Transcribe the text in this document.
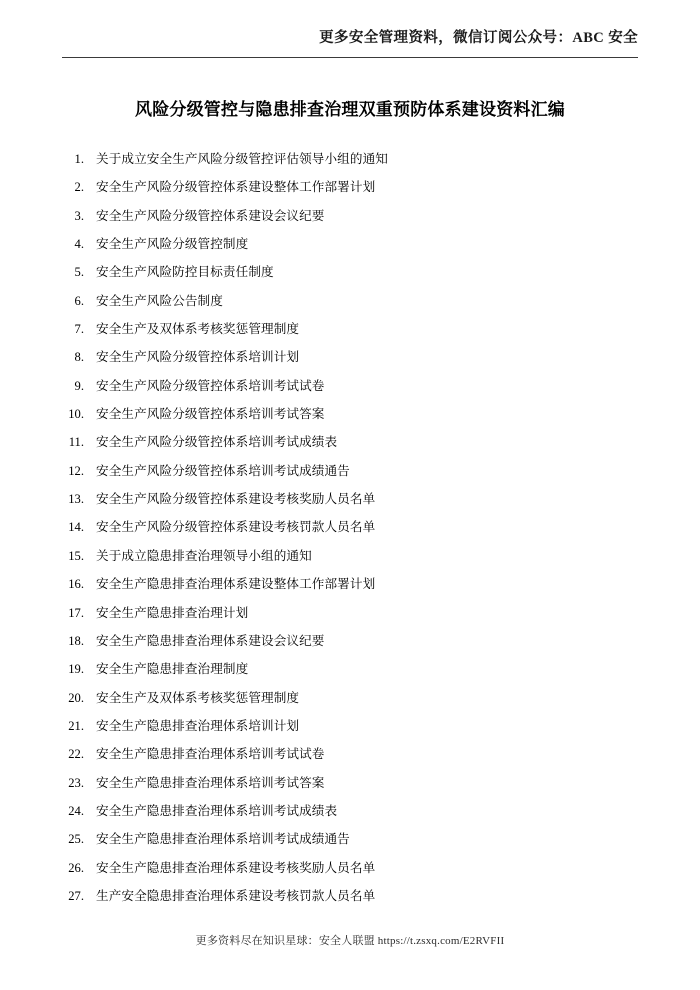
更多安全管理资料，微信订阅公众号：ABC 安全
风险分级管控与隐患排查治理双重预防体系建设资料汇编
1. 关于成立安全生产风险分级管控评估领导小组的通知
2. 安全生产风险分级管控体系建设整体工作部署计划
3. 安全生产风险分级管控体系建设会议纪要
4. 安全生产风险分级管控制度
5. 安全生产风险防控目标责任制度
6. 安全生产风险公告制度
7. 安全生产及双体系考核奖惩管理制度
8. 安全生产风险分级管控体系培训计划
9. 安全生产风险分级管控体系培训考试试卷
10. 安全生产风险分级管控体系培训考试答案
11. 安全生产风险分级管控体系培训考试成绩表
12. 安全生产风险分级管控体系培训考试成绩通告
13. 安全生产风险分级管控体系建设考核奖励人员名单
14. 安全生产风险分级管控体系建设考核罚款人员名单
15. 关于成立隐患排查治理领导小组的通知
16. 安全生产隐患排查治理体系建设整体工作部署计划
17. 安全生产隐患排查治理计划
18. 安全生产隐患排查治理体系建设会议纪要
19. 安全生产隐患排查治理制度
20. 安全生产及双体系考核奖惩管理制度
21. 安全生产隐患排查治理体系培训计划
22. 安全生产隐患排查治理体系培训考试试卷
23. 安全生产隐患排查治理体系培训考试答案
24. 安全生产隐患排查治理体系培训考试成绩表
25. 安全生产隐患排查治理体系培训考试成绩通告
26. 安全生产隐患排查治理体系建设考核奖励人员名单
27. 生产安全隐患排查治理体系建设考核罚款人员名单
更多资料尽在知识星球：安全人联盟 https://t.zsxq.com/E2RVFII
